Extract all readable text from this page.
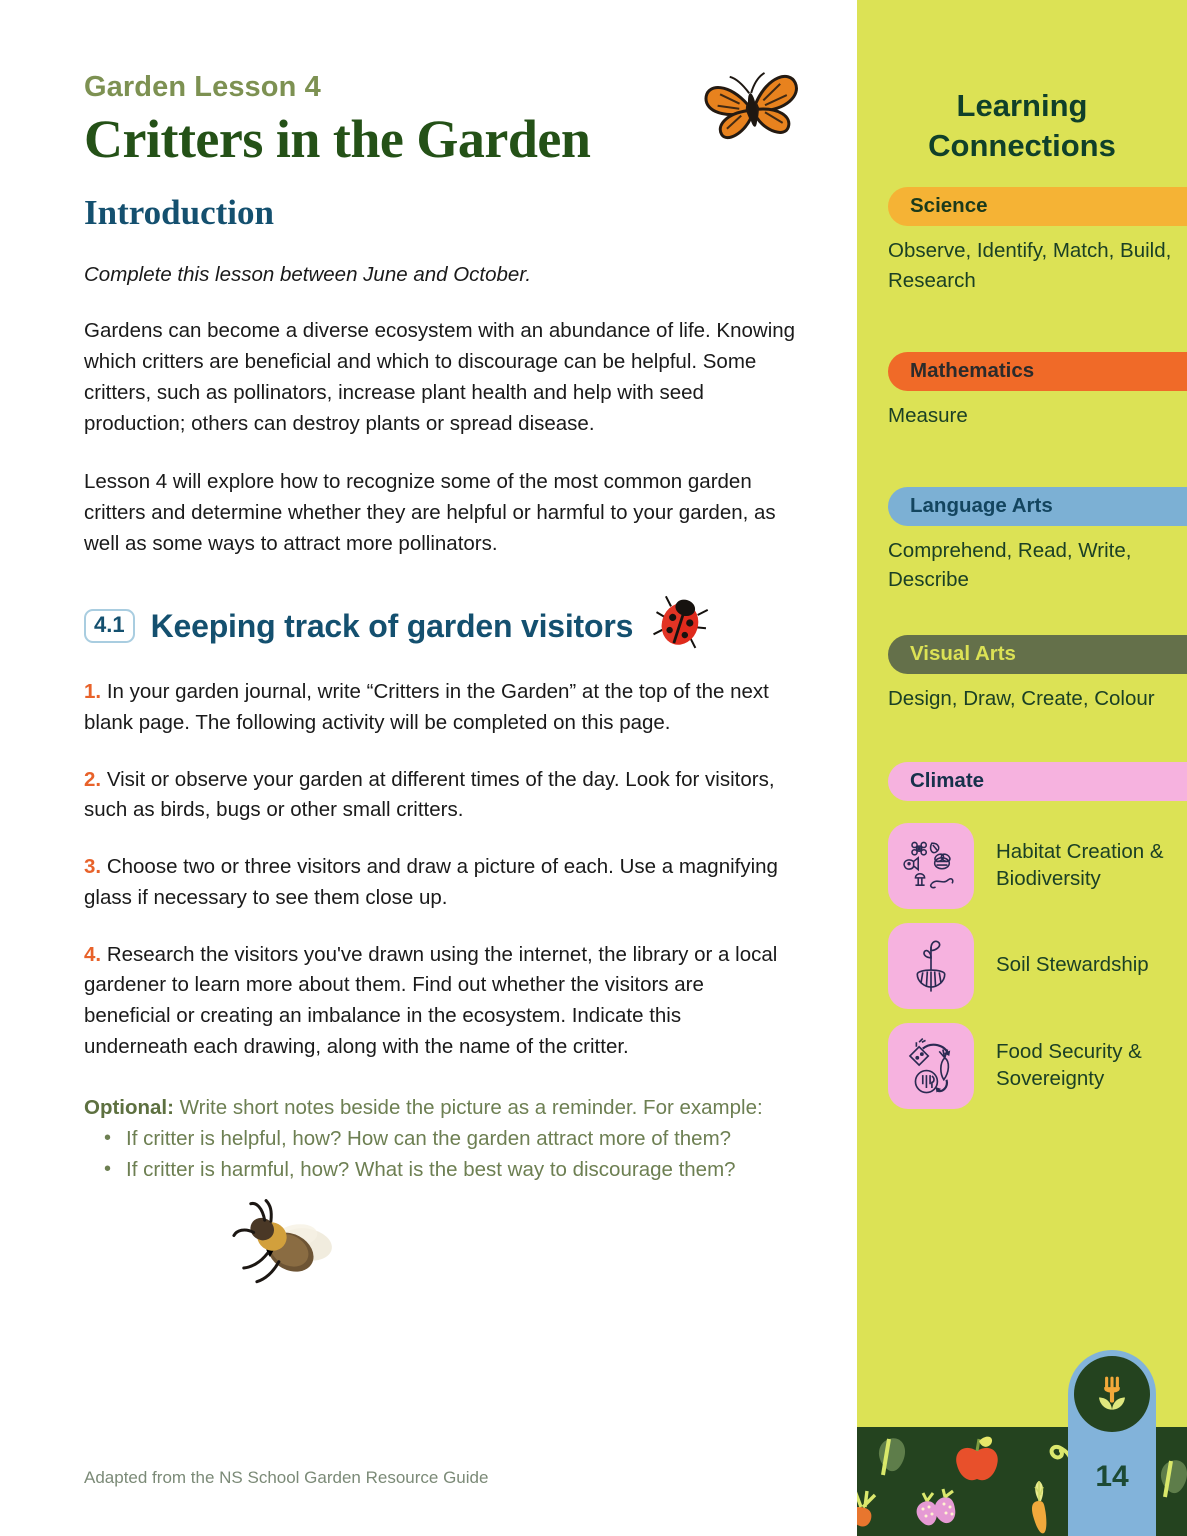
Garden Lesson 4
Critters in the Garden
Introduction
Complete this lesson between June and October.
Gardens can become a diverse ecosystem with an abundance of life. Knowing which critters are beneficial and which to discourage can be helpful. Some critters, such as pollinators, increase plant health and help with seed production; others can destroy plants or spread disease.
Lesson 4 will explore how to recognize some of the most common garden critters and determine whether they are helpful or harmful to your garden, as well as some ways to attract more pollinators.
4.1 Keeping track of garden visitors
1. In your garden journal, write “Critters in the Garden” at the top of the next blank page. The following activity will be completed on this page.
2. Visit or observe your garden at different times of the day. Look for visitors, such as birds, bugs or other small critters.
3. Choose two or three visitors and draw a picture of each. Use a magnifying glass if necessary to see them close up.
4. Research the visitors you've drawn using the internet, the library or a local gardener to learn more about them. Find out whether the visitors are beneficial or creating an imbalance in the ecosystem. Indicate this underneath each drawing, along with the name of the critter.
Optional: Write short notes beside the picture as a reminder. For example:
• If critter is helpful, how? How can the garden attract more of them?
• If critter is harmful, how? What is the best way to discourage them?
Adapted from the NS School Garden Resource Guide
Learning Connections
Science
Observe, Identify, Match, Build, Research
Mathematics
Measure
Language Arts
Comprehend, Read, Write, Describe
Visual Arts
Design, Draw, Create, Colour
Climate
Habitat Creation & Biodiversity
Soil Stewardship
Food Security & Sovereignty
14
